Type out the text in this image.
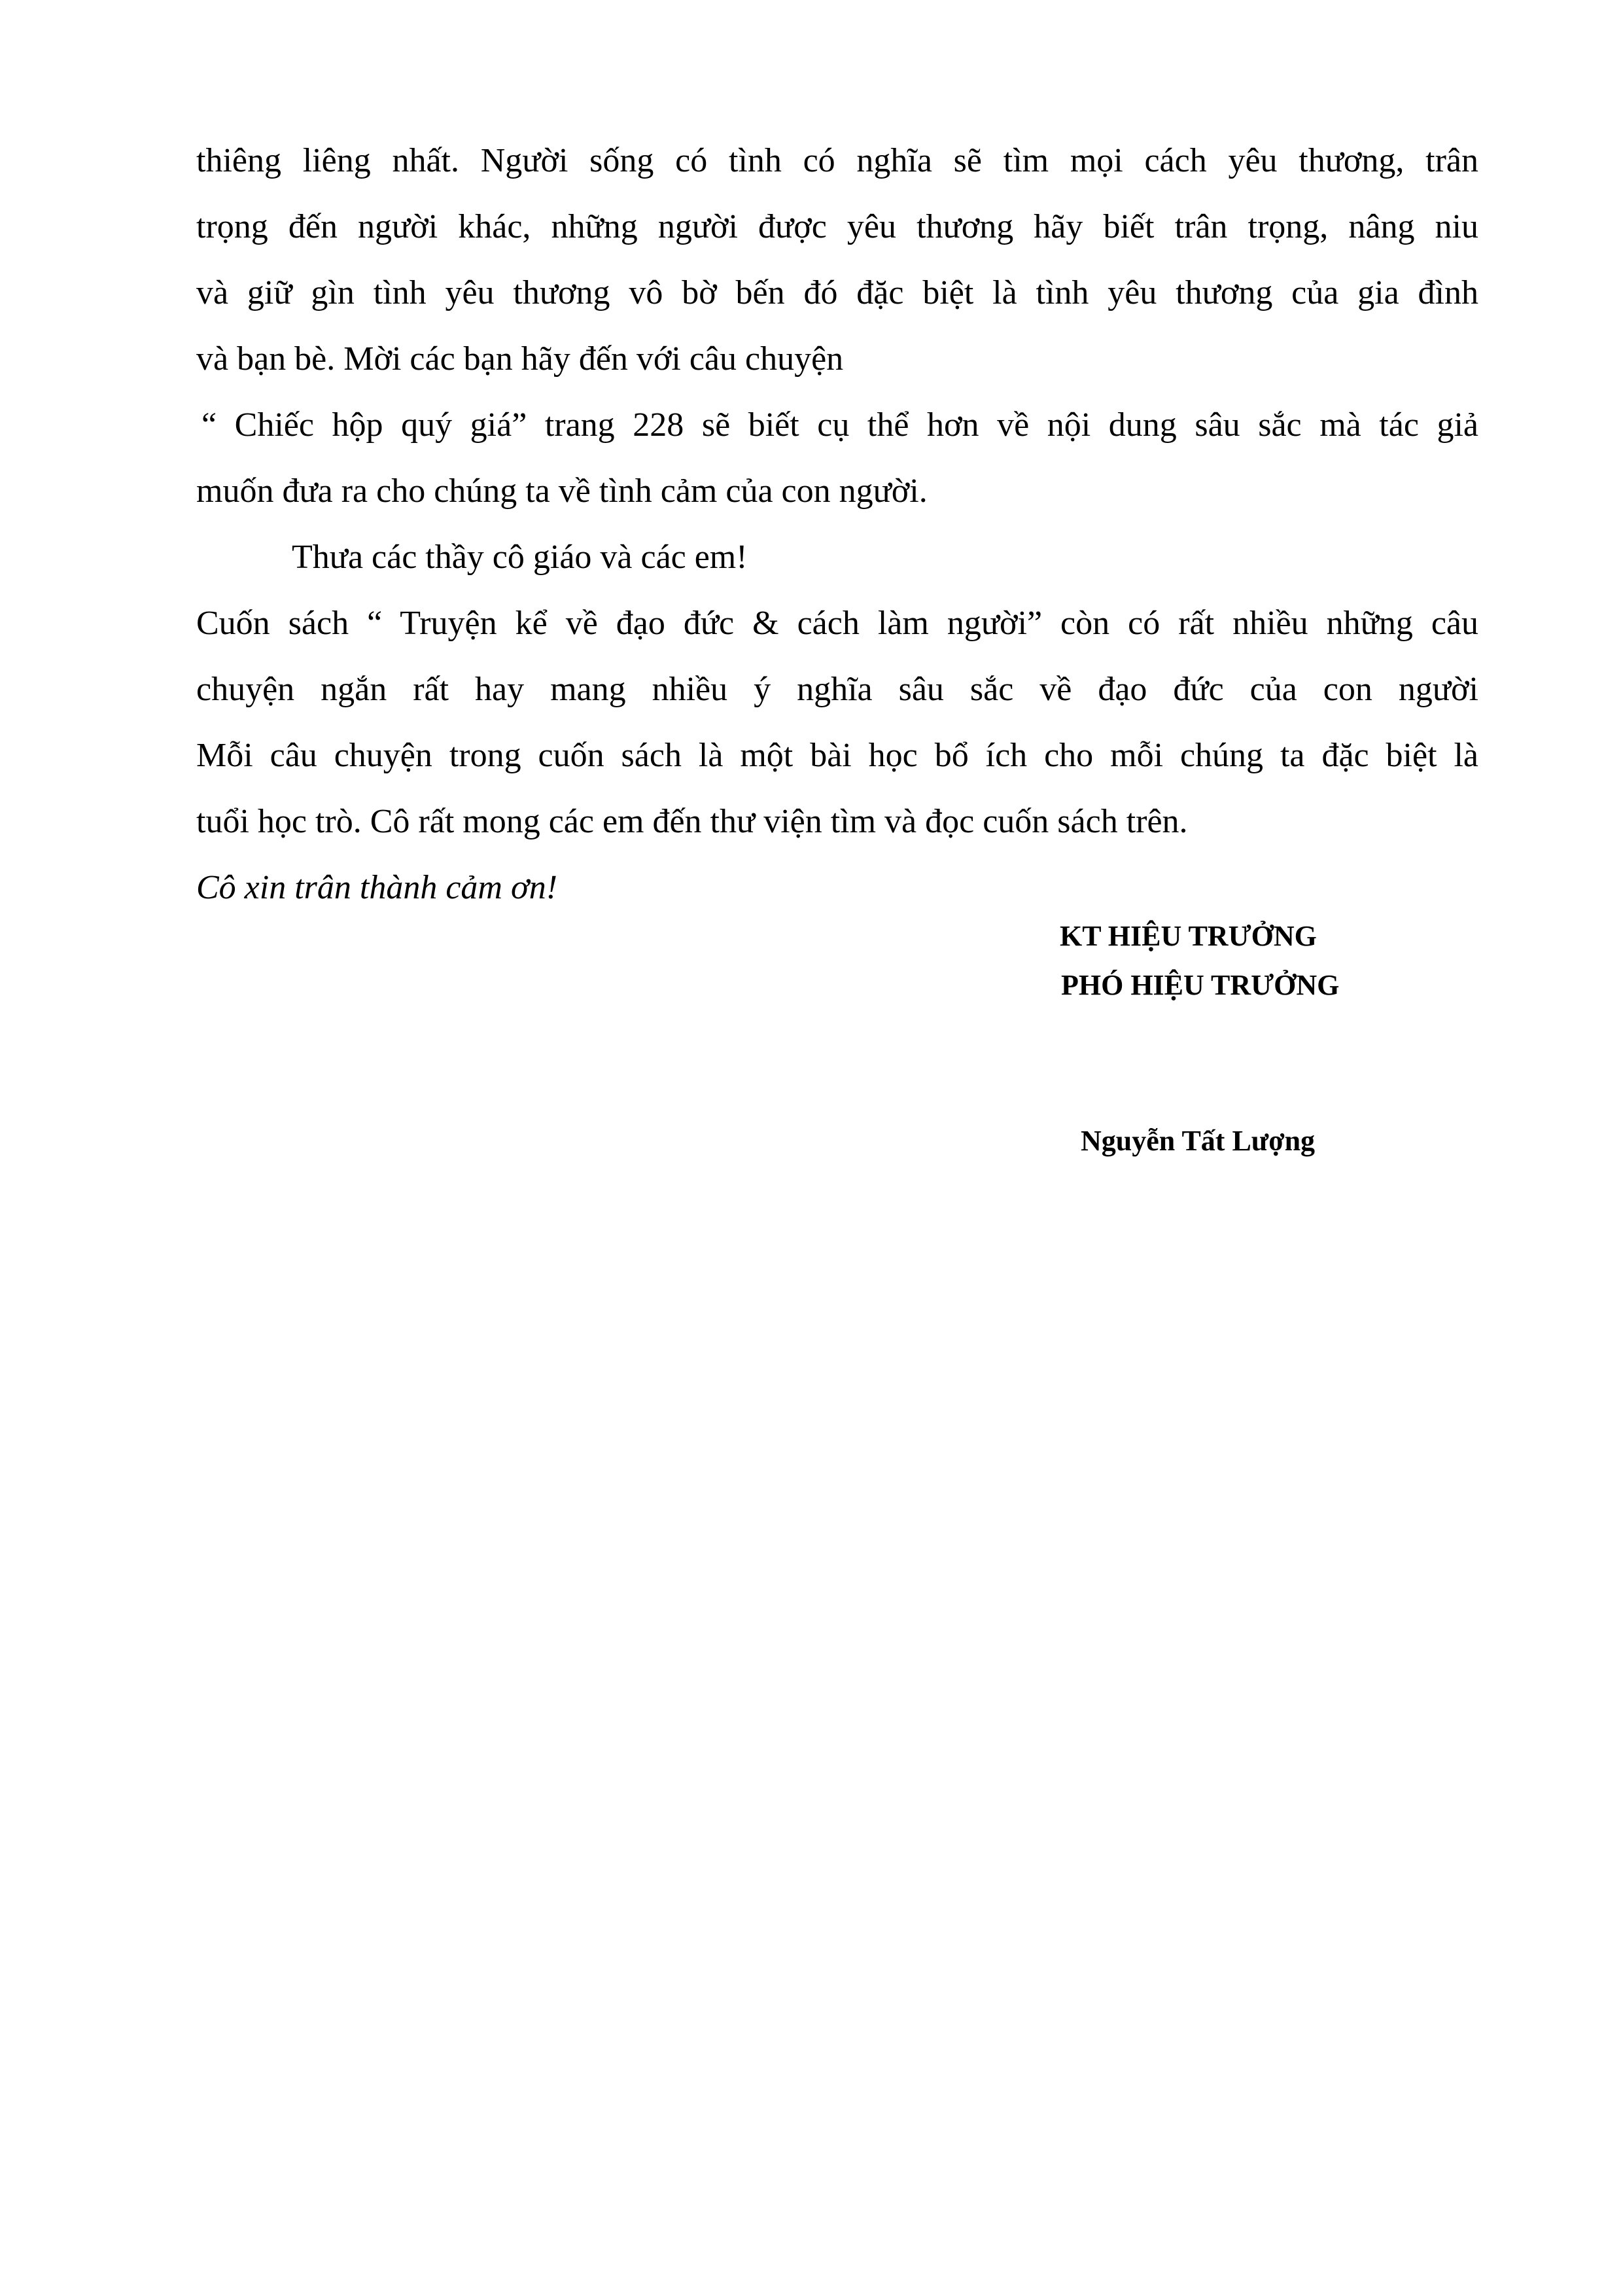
thiêng liêng nhất. Người sống có tình có nghĩa sẽ tìm mọi cách yêu thương, trân
trọng đến người khác, những người được yêu thương hãy biết trân trọng, nâng niu
và giữ gìn tình yêu thương vô bờ bến đó đặc biệt là tình yêu thương của gia đình
và bạn bè. Mời các bạn hãy đến với câu chuyện
“ Chiếc hộp quý giá” trang 228 sẽ biết cụ thể hơn về nội dung sâu sắc mà tác giả
muốn đưa ra cho chúng ta về tình cảm của con người.
Thưa các thầy cô giáo và các em!
Cuốn sách “ Truyện kể về đạo đức & cách làm người” còn có rất nhiều những câu
chuyện ngắn rất hay mang nhiều ý nghĩa sâu sắc về đạo đức của con người
Mỗi câu chuyện trong cuốn sách là một bài học bổ ích cho mỗi chúng ta đặc biệt là
tuổi học trò. Cô rất mong các em đến thư viện tìm và đọc cuốn sách trên.
Cô xin trân thành cảm ơn!
KT HIỆU TRƯỞNG
PHÓ HIỆU TRƯỞNG
Nguyễn Tất Lượng
